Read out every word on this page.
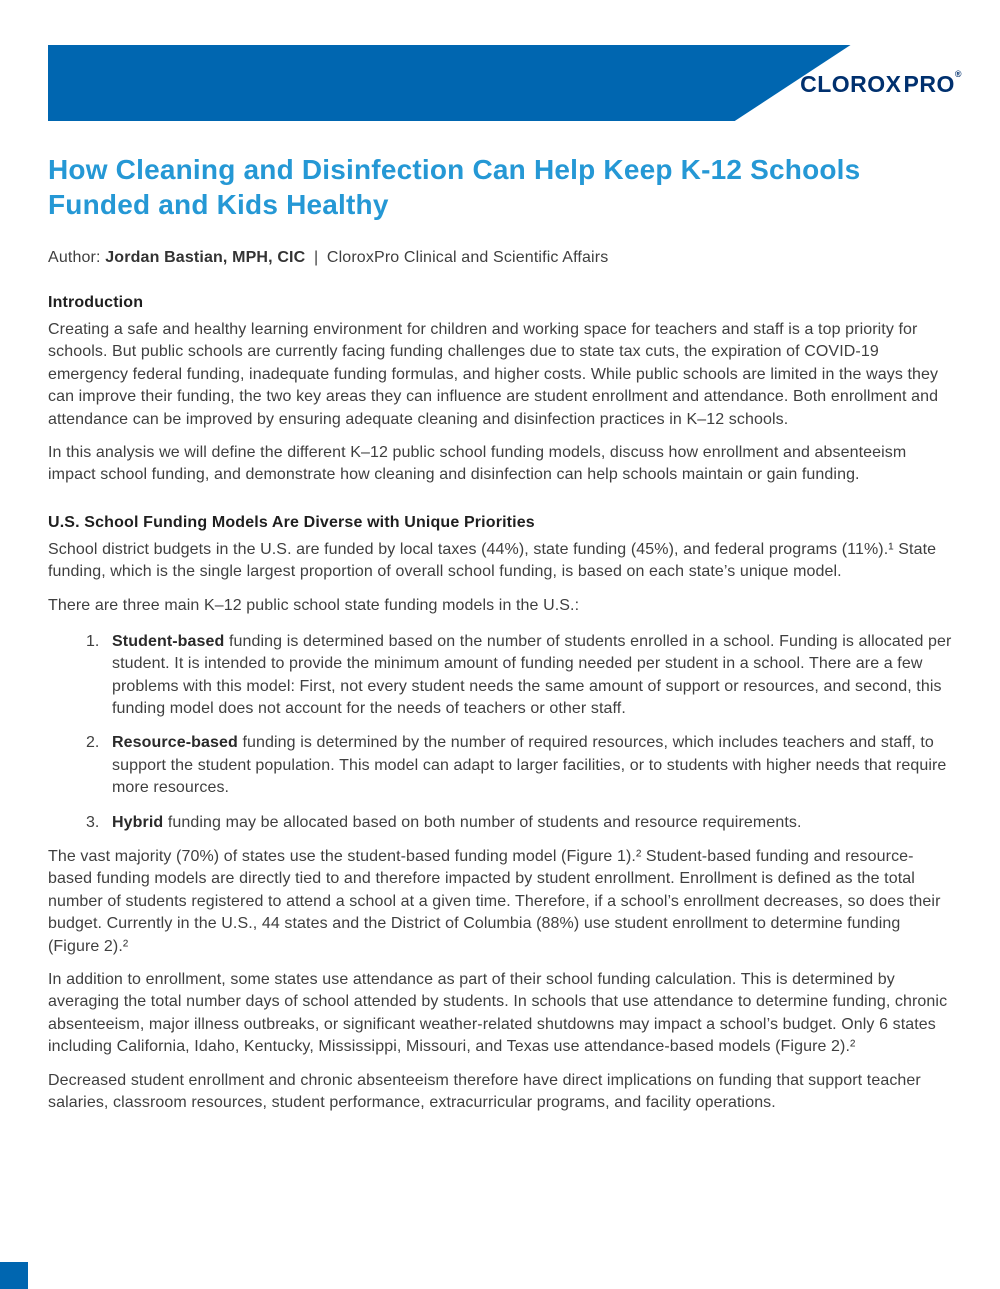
CLOROXPRO®
How Cleaning and Disinfection Can Help Keep K-12 Schools Funded and Kids Healthy
Author: Jordan Bastian, MPH, CIC | CloroxPro Clinical and Scientific Affairs
Introduction

Creating a safe and healthy learning environment for children and working space for teachers and staff is a top priority for schools. But public schools are currently facing funding challenges due to state tax cuts, the expiration of COVID-19 emergency federal funding, inadequate funding formulas, and higher costs. While public schools are limited in the ways they can improve their funding, the two key areas they can influence are student enrollment and attendance. Both enrollment and attendance can be improved by ensuring adequate cleaning and disinfection practices in K–12 schools.

In this analysis we will define the different K–12 public school funding models, discuss how enrollment and absenteeism impact school funding, and demonstrate how cleaning and disinfection can help schools maintain or gain funding.

U.S. School Funding Models Are Diverse with Unique Priorities

School district budgets in the U.S. are funded by local taxes (44%), state funding (45%), and federal programs (11%).¹ State funding, which is the single largest proportion of overall school funding, is based on each state’s unique model.

There are three main K–12 public school state funding models in the U.S.:

1. Student-based funding is determined based on the number of students enrolled in a school. Funding is allocated per student. It is intended to provide the minimum amount of funding needed per student in a school. There are a few problems with this model: First, not every student needs the same amount of support or resources, and second, this funding model does not account for the needs of teachers or other staff.
2. Resource-based funding is determined by the number of required resources, which includes teachers and staff, to support the student population. This model can adapt to larger facilities, or to students with higher needs that require more resources.
3. Hybrid funding may be allocated based on both number of students and resource requirements.

The vast majority (70%) of states use the student-based funding model (Figure 1).² Student-based funding and resource-based funding models are directly tied to and therefore impacted by student enrollment. Enrollment is defined as the total number of students registered to attend a school at a given time. Therefore, if a school’s enrollment decreases, so does their budget. Currently in the U.S., 44 states and the District of Columbia (88%) use student enrollment to determine funding (Figure 2).²

In addition to enrollment, some states use attendance as part of their school funding calculation. This is determined by averaging the total number days of school attended by students. In schools that use attendance to determine funding, chronic absenteeism, major illness outbreaks, or significant weather-related shutdowns may impact a school’s budget. Only 6 states including California, Idaho, Kentucky, Mississippi, Missouri, and Texas use attendance-based models (Figure 2).²

Decreased student enrollment and chronic absenteeism therefore have direct implications on funding that support teacher salaries, classroom resources, student performance, extracurricular programs, and facility operations.
